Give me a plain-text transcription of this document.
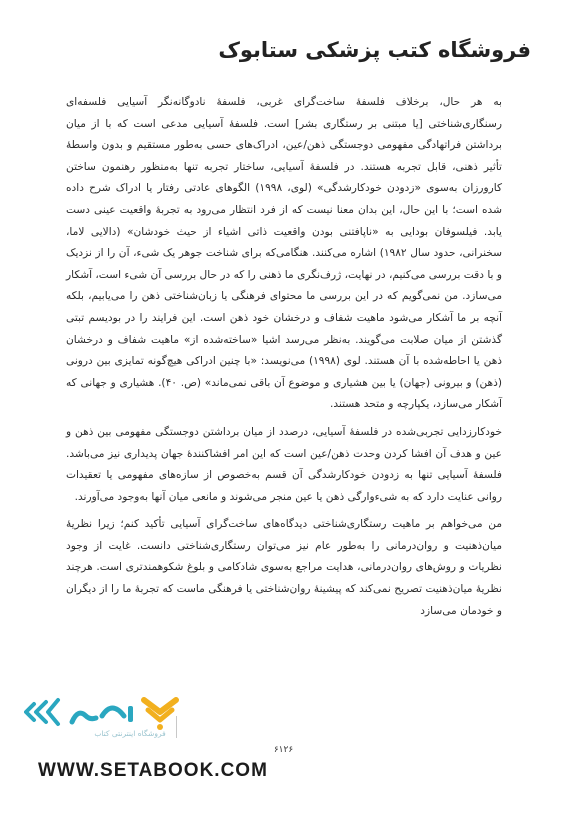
فروشگاه کتب پزشکی ستابوک

به هر حال، برخلاف فلسفهٔ ساخت‌گرای غربی، فلسفهٔ نادوگانه‌نگر آسیایی فلسفه‌ای رسنگاری‌شناختی [یا مبتنی بر رستگاری بشر] است. فلسفهٔ آسیایی مدعی است که با از میان برداشتن فراتهادگی مفهومی دوجستگی ذهن/عین، ادراک‌های حسی به‌طور مستقیم و بدون واسطهٔ تأثیر ذهنی، قابل تجربه هستند. در فلسفهٔ آسیایی، ساختار تجربه تنها به‌منظور رهنمون ساختن کارورزان به‌سوی «زدودن خودکارشدگی» (لوی، ۱۹۹۸) الگوهای عادتی رفتار یا ادراک شرح داده شده است؛ با این حال، این بدان معنا نیست که از فرد انتظار می‌رود به تجربهٔ واقعیت عینی دست یابد. فیلسوفان بودایی به «ناپافتنی بودن واقعیت ذاتی اشیاء از حیث خودشان» (دالایی لاما، سخنرانی، حدود سال ۱۹۸۲) اشاره می‌کنند. هنگامی‌که برای شناخت جوهر یک شیء، آن را از نزدیک و با دقت بررسی می‌کنیم، در نهایت، ژرف‌نگری ما ذهنی را که در حال بررسی آن شیء است، آشکار می‌سازد. من نمی‌گویم که در این بررسی ما محتوای فرهنگی یا زبان‌شناختی ذهن را می‌یابیم، بلکه آنچه بر ما آشکار می‌شود ماهیت شفاف و درخشان خود ذهن است. این فرایند را در بودیسم تبتی گذشتن از میان صلابت می‌گویند. به‌نظر می‌رسد اشیا «ساخته‌شده از» ماهیت شفاف و درخشان ذهن یا احاطه‌شده با آن هستند. لوی (۱۹۹۸) می‌نویسد: «با چنین ادراکی هیچ‌گونه تمایزی بین درونی (ذهن) و بیرونی (جهان) یا بین هشیاری و موضوع آن باقی نمی‌ماند» (ص. ۴۰). هشیاری و جهانی که آشکار می‌سازد، یکپارچه و متحد هستند.

خودکارزدایی تجربی‌شده در فلسفهٔ آسیایی، درصدد از میان برداشتن دوجستگی مفهومی بین ذهن و عین و هدف آن افشا کردن وحدت ذهن/عین است که این امر افشاکنندهٔ جهان پدیداری نیز می‌باشد. فلسفهٔ آسیایی تنها به زدودن خودکارشدگی آن قسم به‌خصوص از سازه‌های مفهومی یا تعقیدات روانی عنایت دارد که به شیء‌وارگی ذهن یا عین منجر می‌شوند و مانعی میان آنها به‌وجود می‌آورند.

من می‌خواهم بر ماهیت رستگاری‌شناختی دیدگاه‌های ساخت‌گرای آسیایی تأکید کنم؛ زیرا نظریهٔ میان‌ذهنیت و روان‌درمانی را به‌طور عام نیز می‌توان رستگاری‌شناختی دانست. غایت از وجود نظریات و روش‌های روان‌درمانی، هدایت مراجع به‌سوی شادکامی و بلوغ شکوهمندتری است. هرچند نظریهٔ میان‌ذهنیت تصریح نمی‌کند که پیشینهٔ روان‌شناختی یا فرهنگی ماست که تجربهٔ ما را از دیگران و خودمان می‌سازد

فروشگاه اینترنتی کتاب
۶۱۲۶
WWW.SETABOOK.COM
